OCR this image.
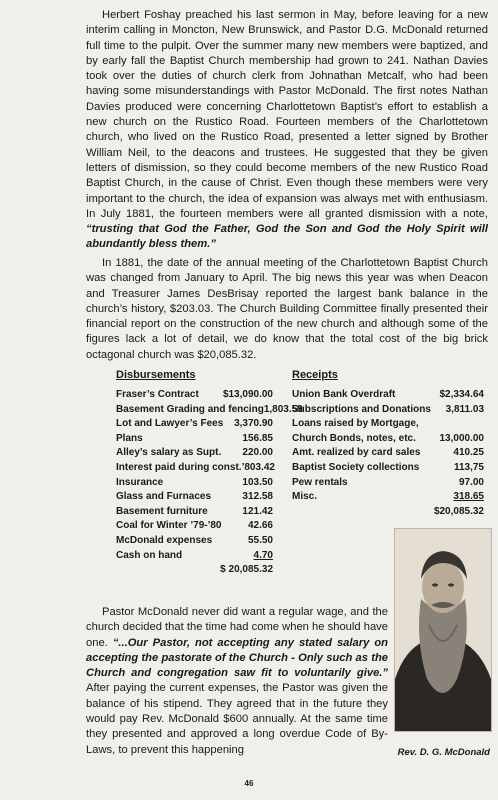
Herbert Foshay preached his last sermon in May, before leaving for a new interim calling in Moncton, New Brunswick, and Pastor D.G. McDonald returned full time to the pulpit. Over the summer many new members were baptized, and by early fall the Baptist Church membership had grown to 241. Nathan Davies took over the duties of church clerk from Johnathan Metcalf, who had been having some misunderstandings with Pastor McDonald. The first notes Nathan Davies produced were concerning Charlottetown Baptist’s effort to establish a new church on the Rustico Road. Fourteen members of the Charlottetown church, who lived on the Rustico Road, presented a letter signed by Brother William Neil, to the deacons and trustees. He suggested that they be given letters of dismission, so they could become members of the new Rustico Road Baptist Church, in the cause of Christ. Even though these members were very important to the church, the idea of expansion was always met with enthusiasm. In July 1881, the fourteen members were all granted dismission with a note, “trusting that God the Father, God the Son and God the Holy Spirit will abundantly bless them.”

In 1881, the date of the annual meeting of the Charlottetown Baptist Church was changed from January to April. The big news this year was when Deacon and Treasurer James DesBrisay reported the largest bank balance in the church’s history, $203.03. The Church Building Committee finally presented their financial report on the construction of the new church and although some of the figures lack a lot of detail, we do know that the total cost of the big brick octagonal church was $20,085.32.

Disbursements
Fraser’s Contract $13,090.00
Basement Grading and fencing 1,803.59
Lot and Lawyer’s Fees 3,370.90
Plans	156.85
Alley’s salary as Supt. 220.00
Interest paid during const.’ 803.42
Insurance	103.50
Glass and Furnaces	312.58
Basement furniture	121.42
Coal for Winter ’79-’80	42.66
McDonald expenses	55.50
Cash on hand	4.70
$ 20,085.32
Receipts
Union Bank Overdraft	$2,334.64
Subscriptions and Donations 3,811.03
Loans raised by Mortgage,
Church Bonds, notes, etc. 13,000.00
Amt. realized by card sales	410.25
Baptist Society collections	113,75
Pew rentals	97.00
Misc.	318.65
$20,085.32
Rev. D. G. McDonald

Pastor McDonald never did want a regular wage, and the church decided that the time had come when he should have one. “...Our Pastor, not accepting any stated salary on accepting the pastorate of the Church - Only such as the Church and congregation saw fit to voluntarily give.” After paying the current expenses, the Pastor was given the balance of his stipend. They agreed that in the future they would pay Rev. McDonald $600 annually. At the same time they presented and approved a long overdue Code of By-Laws, to prevent this happening

46
